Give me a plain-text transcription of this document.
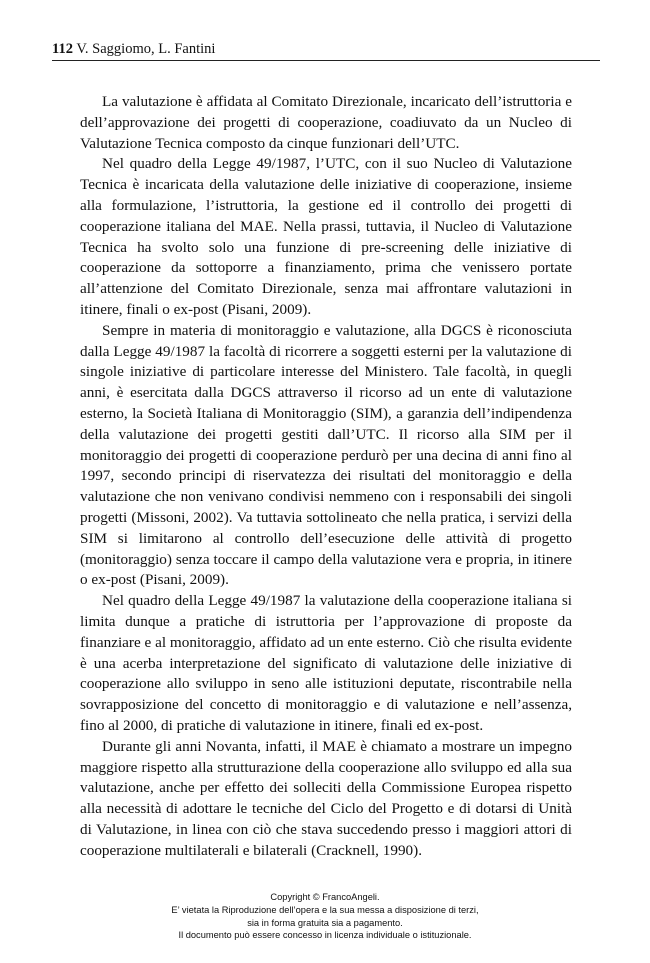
112 V. Saggiomo, L. Fantini

La valutazione è affidata al Comitato Direzionale, incaricato dell’istruttoria e dell’approvazione dei progetti di cooperazione, coadiuvato da un Nucleo di Valutazione Tecnica composto da cinque funzionari dell’UTC.

Nel quadro della Legge 49/1987, l’UTC, con il suo Nucleo di Valutazione Tecnica è incaricata della valutazione delle iniziative di cooperazione, insieme alla formulazione, l’istruttoria, la gestione ed il controllo dei progetti di cooperazione italiana del MAE. Nella prassi, tuttavia, il Nucleo di Valutazione Tecnica ha svolto solo una funzione di pre-screening delle iniziative di cooperazione da sottoporre a finanziamento, prima che venissero portate all’attenzione del Comitato Direzionale, senza mai affrontare valutazioni in itinere, finali o ex-post (Pisani, 2009).

Sempre in materia di monitoraggio e valutazione, alla DGCS è riconosciuta dalla Legge 49/1987 la facoltà di ricorrere a soggetti esterni per la valutazione di singole iniziative di particolare interesse del Ministero. Tale facoltà, in quegli anni, è esercitata dalla DGCS attraverso il ricorso ad un ente di valutazione esterno, la Società Italiana di Monitoraggio (SIM), a garanzia dell’indipendenza della valutazione dei progetti gestiti dall’UTC. Il ricorso alla SIM per il monitoraggio dei progetti di cooperazione perdurò per una decina di anni fino al 1997, secondo principi di riservatezza dei risultati del monitoraggio e della valutazione che non venivano condivisi nemmeno con i responsabili dei singoli progetti (Missoni, 2002). Va tuttavia sottolineato che nella pratica, i servizi della SIM si limitarono al controllo dell’esecuzione delle attività di progetto (monitoraggio) senza toccare il campo della valutazione vera e propria, in itinere o ex-post (Pisani, 2009).

Nel quadro della Legge 49/1987 la valutazione della cooperazione italiana si limita dunque a pratiche di istruttoria per l’approvazione di proposte da finanziare e al monitoraggio, affidato ad un ente esterno. Ciò che risulta evidente è una acerba interpretazione del significato di valutazione delle iniziative di cooperazione allo sviluppo in seno alle istituzioni deputate, riscontrabile nella sovrapposizione del concetto di monitoraggio e di valutazione e nell’assenza, fino al 2000, di pratiche di valutazione in itinere, finali ed ex-post.

Durante gli anni Novanta, infatti, il MAE è chiamato a mostrare un impegno maggiore rispetto alla strutturazione della cooperazione allo sviluppo ed alla sua valutazione, anche per effetto dei solleciti della Commissione Europea rispetto alla necessità di adottare le tecniche del Ciclo del Progetto e di dotarsi di Unità di Valutazione, in linea con ciò che stava succedendo presso i maggiori attori di cooperazione multilaterali e bilaterali (Cracknell, 1990).

Copyright © FrancoAngeli.
E’ vietata la Riproduzione dell’opera e la sua messa a disposizione di terzi,
sia in forma gratuita sia a pagamento.
Il documento può essere concesso in licenza individuale o istituzionale.
